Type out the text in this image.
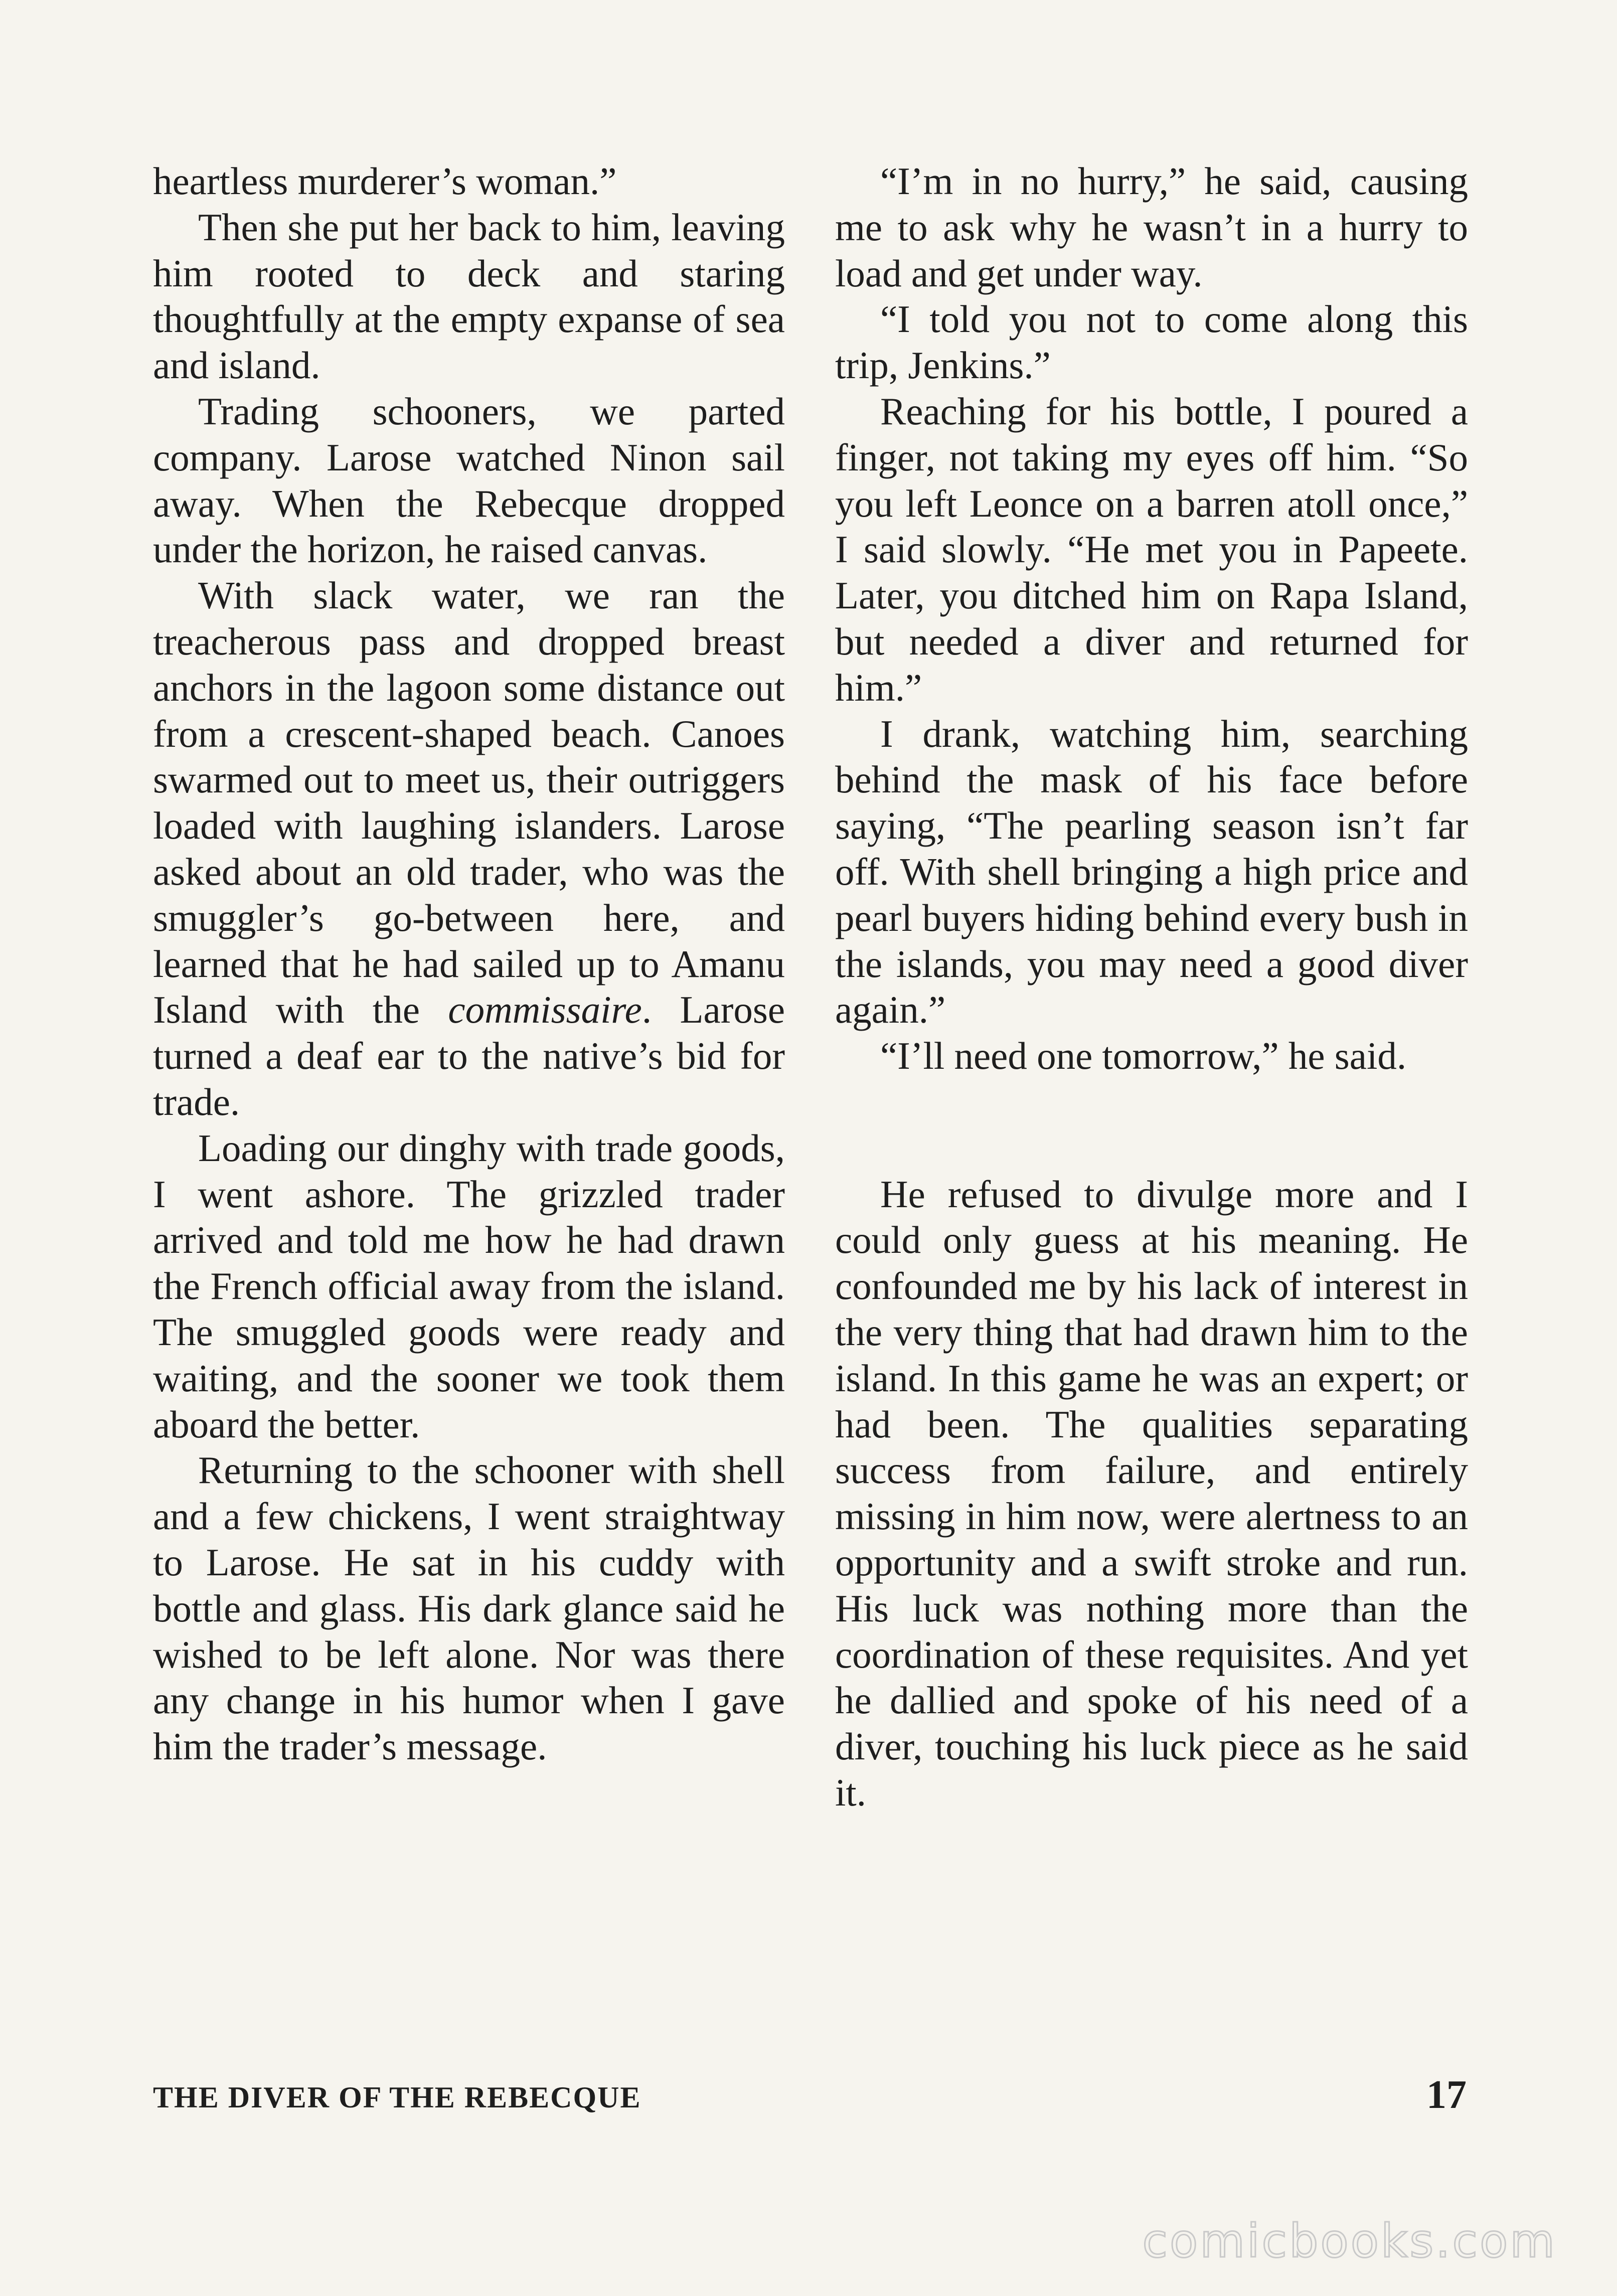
heartless murderer’s woman.”

Then she put her back to him, leaving him rooted to deck and staring thoughtfully at the empty expanse of sea and island.

Trading schooners, we parted company. Larose watched Ninon sail away. When the Rebecque dropped under the horizon, he raised canvas.

With slack water, we ran the treacherous pass and dropped breast anchors in the lagoon some distance out from a crescent-shaped beach. Canoes swarmed out to meet us, their outriggers loaded with laughing islanders. Larose asked about an old trader, who was the smuggler’s go-between here, and learned that he had sailed up to Amanu Island with the commissaire. Larose turned a deaf ear to the native’s bid for trade.

Loading our dinghy with trade goods, I went ashore. The grizzled trader arrived and told me how he had drawn the French official away from the island. The smuggled goods were ready and waiting, and the sooner we took them aboard the better.

Returning to the schooner with shell and a few chickens, I went straightway to Larose. He sat in his cuddy with bottle and glass. His dark glance said he wished to be left alone. Nor was there any change in his humor when I gave him the trader’s message.

“I’m in no hurry,” he said, causing me to ask why he wasn’t in a hurry to load and get under way.

“I told you not to come along this trip, Jenkins.”

Reaching for his bottle, I poured a finger, not taking my eyes off him. “So you left Leonce on a barren atoll once,” I said slowly. “He met you in Papeete. Later, you ditched him on Rapa Island, but needed a diver and returned for him.”

I drank, watching him, searching behind the mask of his face before saying, “The pearling season isn’t far off. With shell bringing a high price and pearl buyers hiding behind every bush in the islands, you may need a good diver again.”

“I’ll need one tomorrow,” he said.

He refused to divulge more and I could only guess at his meaning. He confounded me by his lack of interest in the very thing that had drawn him to the island. In this game he was an expert; or had been. The qualities separating success from failure, and entirely missing in him now, were alertness to an opportunity and a swift stroke and run. His luck was nothing more than the coordination of these requisites. And yet he dallied and spoke of his need of a diver, touching his luck piece as he said it.

THE DIVER OF THE REBECQUE	17
comicbooks.com
